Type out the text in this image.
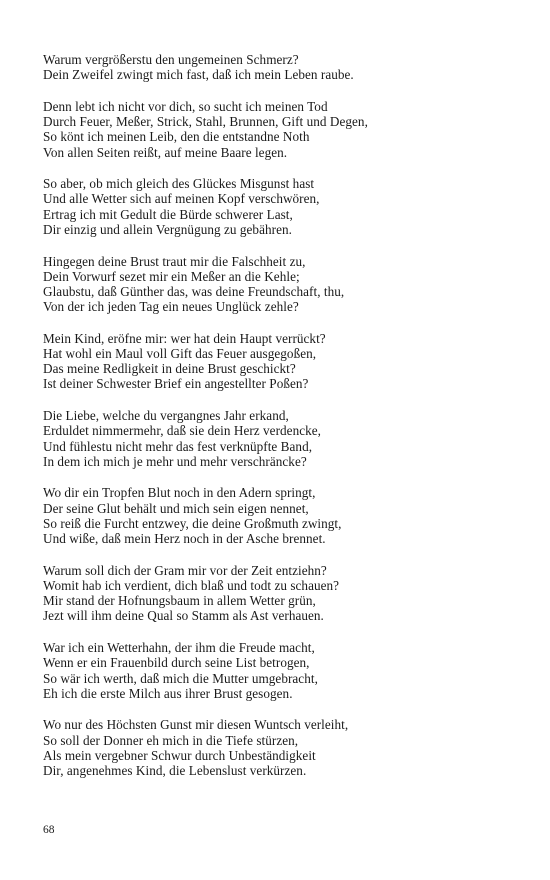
Warum vergrößerstu den ungemeinen Schmerz?
Dein Zweifel zwingt mich fast, daß ich mein Leben raube.
Denn lebt ich nicht vor dich, so sucht ich meinen Tod
Durch Feuer, Meßer, Strick, Stahl, Brunnen, Gift und Degen,
So könt ich meinen Leib, den die entstandne Noth
Von allen Seiten reißt, auf meine Baare legen.
So aber, ob mich gleich des Glückes Misgunst hast
Und alle Wetter sich auf meinen Kopf verschwören,
Ertrag ich mit Gedult die Bürde schwerer Last,
Dir einzig und allein Vergnügung zu gebähren.
Hingegen deine Brust traut mir die Falschheit zu,
Dein Vorwurf sezet mir ein Meßer an die Kehle;
Glaubstu, daß Günther das, was deine Freundschaft, thu,
Von der ich jeden Tag ein neues Unglück zehle?
Mein Kind, eröfne mir: wer hat dein Haupt verrückt?
Hat wohl ein Maul voll Gift das Feuer ausgegoßen,
Das meine Redligkeit in deine Brust geschickt?
Ist deiner Schwester Brief ein angestellter Poßen?
Die Liebe, welche du vergangnes Jahr erkand,
Erduldet nimmermehr, daß sie dein Herz verdencke,
Und fühlestu nicht mehr das fest verknüpfte Band,
In dem ich mich je mehr und mehr verschräncke?
Wo dir ein Tropfen Blut noch in den Adern springt,
Der seine Glut behält und mich sein eigen nennet,
So reiß die Furcht entzwey, die deine Großmuth zwingt,
Und wiße, daß mein Herz noch in der Asche brennet.
Warum soll dich der Gram mir vor der Zeit entziehn?
Womit hab ich verdient, dich blaß und todt zu schauen?
Mir stand der Hofnungsbaum in allem Wetter grün,
Jezt will ihm deine Qual so Stamm als Ast verhauen.
War ich ein Wetterhahn, der ihm die Freude macht,
Wenn er ein Frauenbild durch seine List betrogen,
So wär ich werth, daß mich die Mutter umgebracht,
Eh ich die erste Milch aus ihrer Brust gesogen.
Wo nur des Höchsten Gunst mir diesen Wuntsch verleiht,
So soll der Donner eh mich in die Tiefe stürzen,
Als mein vergebner Schwur durch Unbeständigkeit
Dir, angenehmes Kind, die Lebenslust verkürzen.
68
